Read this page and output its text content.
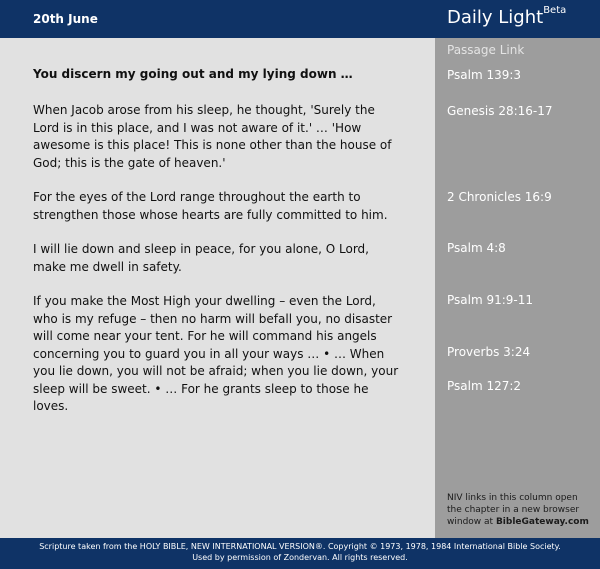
20th June	Daily Light$^{Beta}$
You discern my going out and my lying down …
When Jacob arose from his sleep, he thought, 'Surely the Lord is in this place, and I was not aware of it.' … 'How awesome is this place! This is none other than the house of God; this is the gate of heaven.'
For the eyes of the Lord range throughout the earth to strengthen those whose hearts are fully committed to him.
I will lie down and sleep in peace, for you alone, O Lord, make me dwell in safety.
If you make the Most High your dwelling – even the Lord, who is my refuge – then no harm will befall you, no disaster will come near your tent. For he will command his angels concerning you to guard you in all your ways … • … When you lie down, you will not be afraid; when you lie down, your sleep will be sweet. • … For he grants sleep to those he loves.
Passage Link
Psalm 139:3
Genesis 28:16-17
2 Chronicles 16:9
Psalm 4:8
Psalm 91:9-11
Proverbs 3:24
Psalm 127:2
NIV links in this column open the chapter in a new browser window at BibleGateway.com
Scripture taken from the HOLY BIBLE, NEW INTERNATIONAL VERSION®. Copyright © 1973, 1978, 1984 International Bible Society.
Used by permission of Zondervan. All rights reserved.
